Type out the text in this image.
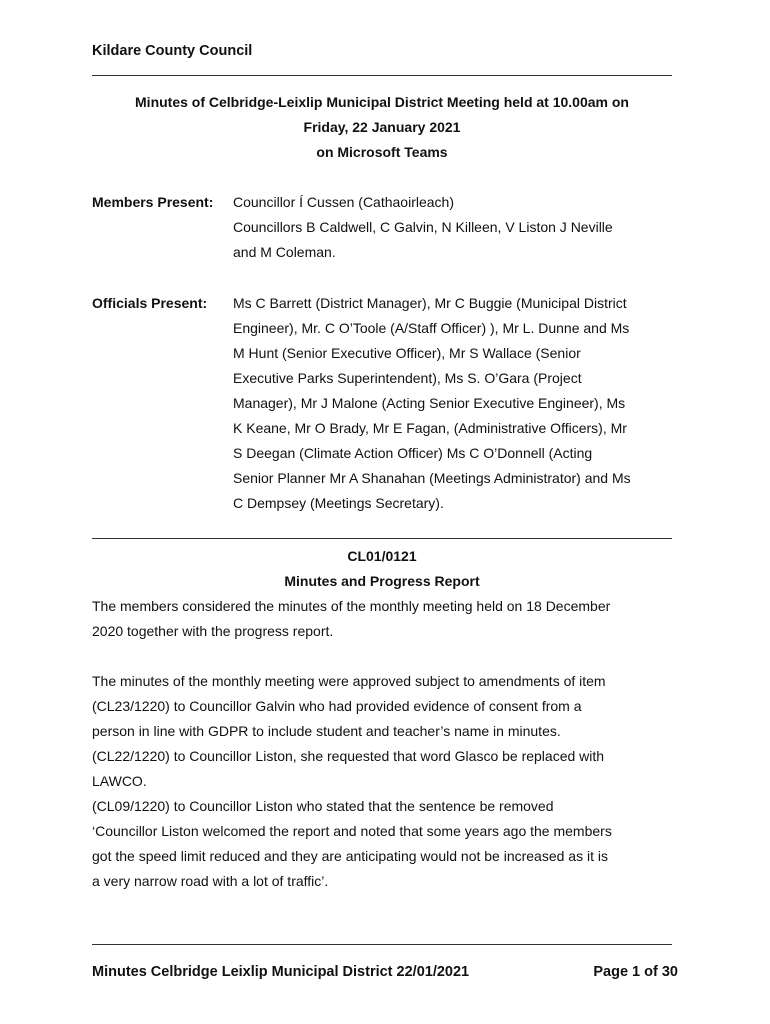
Kildare County Council
Minutes of Celbridge-Leixlip Municipal District Meeting held at 10.00am on
Friday, 22 January 2021
on Microsoft Teams
Members Present: Councillor Í Cussen (Cathaoirleach)
Councillors B Caldwell, C Galvin, N Killeen, V Liston J Neville
and M Coleman.
Officials Present: Ms C Barrett (District Manager), Mr C Buggie (Municipal District
Engineer), Mr. C O’Toole (A/Staff Officer) ), Mr L. Dunne and Ms
M Hunt (Senior Executive Officer), Mr S Wallace (Senior
Executive Parks Superintendent), Ms S. O’Gara (Project
Manager), Mr J Malone (Acting Senior Executive Engineer), Ms
K Keane, Mr O Brady, Mr E Fagan, (Administrative Officers), Mr
S Deegan (Climate Action Officer) Ms C O’Donnell (Acting
Senior Planner Mr A Shanahan (Meetings Administrator) and Ms
C Dempsey (Meetings Secretary).
CL01/0121
Minutes and Progress Report
The members considered the minutes of the monthly meeting held on 18 December
2020 together with the progress report.
The minutes of the monthly meeting were approved subject to amendments of item
(CL23/1220) to Councillor Galvin who had provided evidence of consent from a
person in line with GDPR to include student and teacher’s name in minutes.
(CL22/1220) to Councillor Liston, she requested that word Glasco be replaced with
LAWCO.
(CL09/1220) to Councillor Liston who stated that the sentence be removed
‘Councillor Liston welcomed the report and noted that some years ago the members
got the speed limit reduced and they are anticipating would not be increased as it is
a very narrow road with a lot of traffic’.
Minutes Celbridge Leixlip Municipal District 22/01/2021	Page 1 of 30
